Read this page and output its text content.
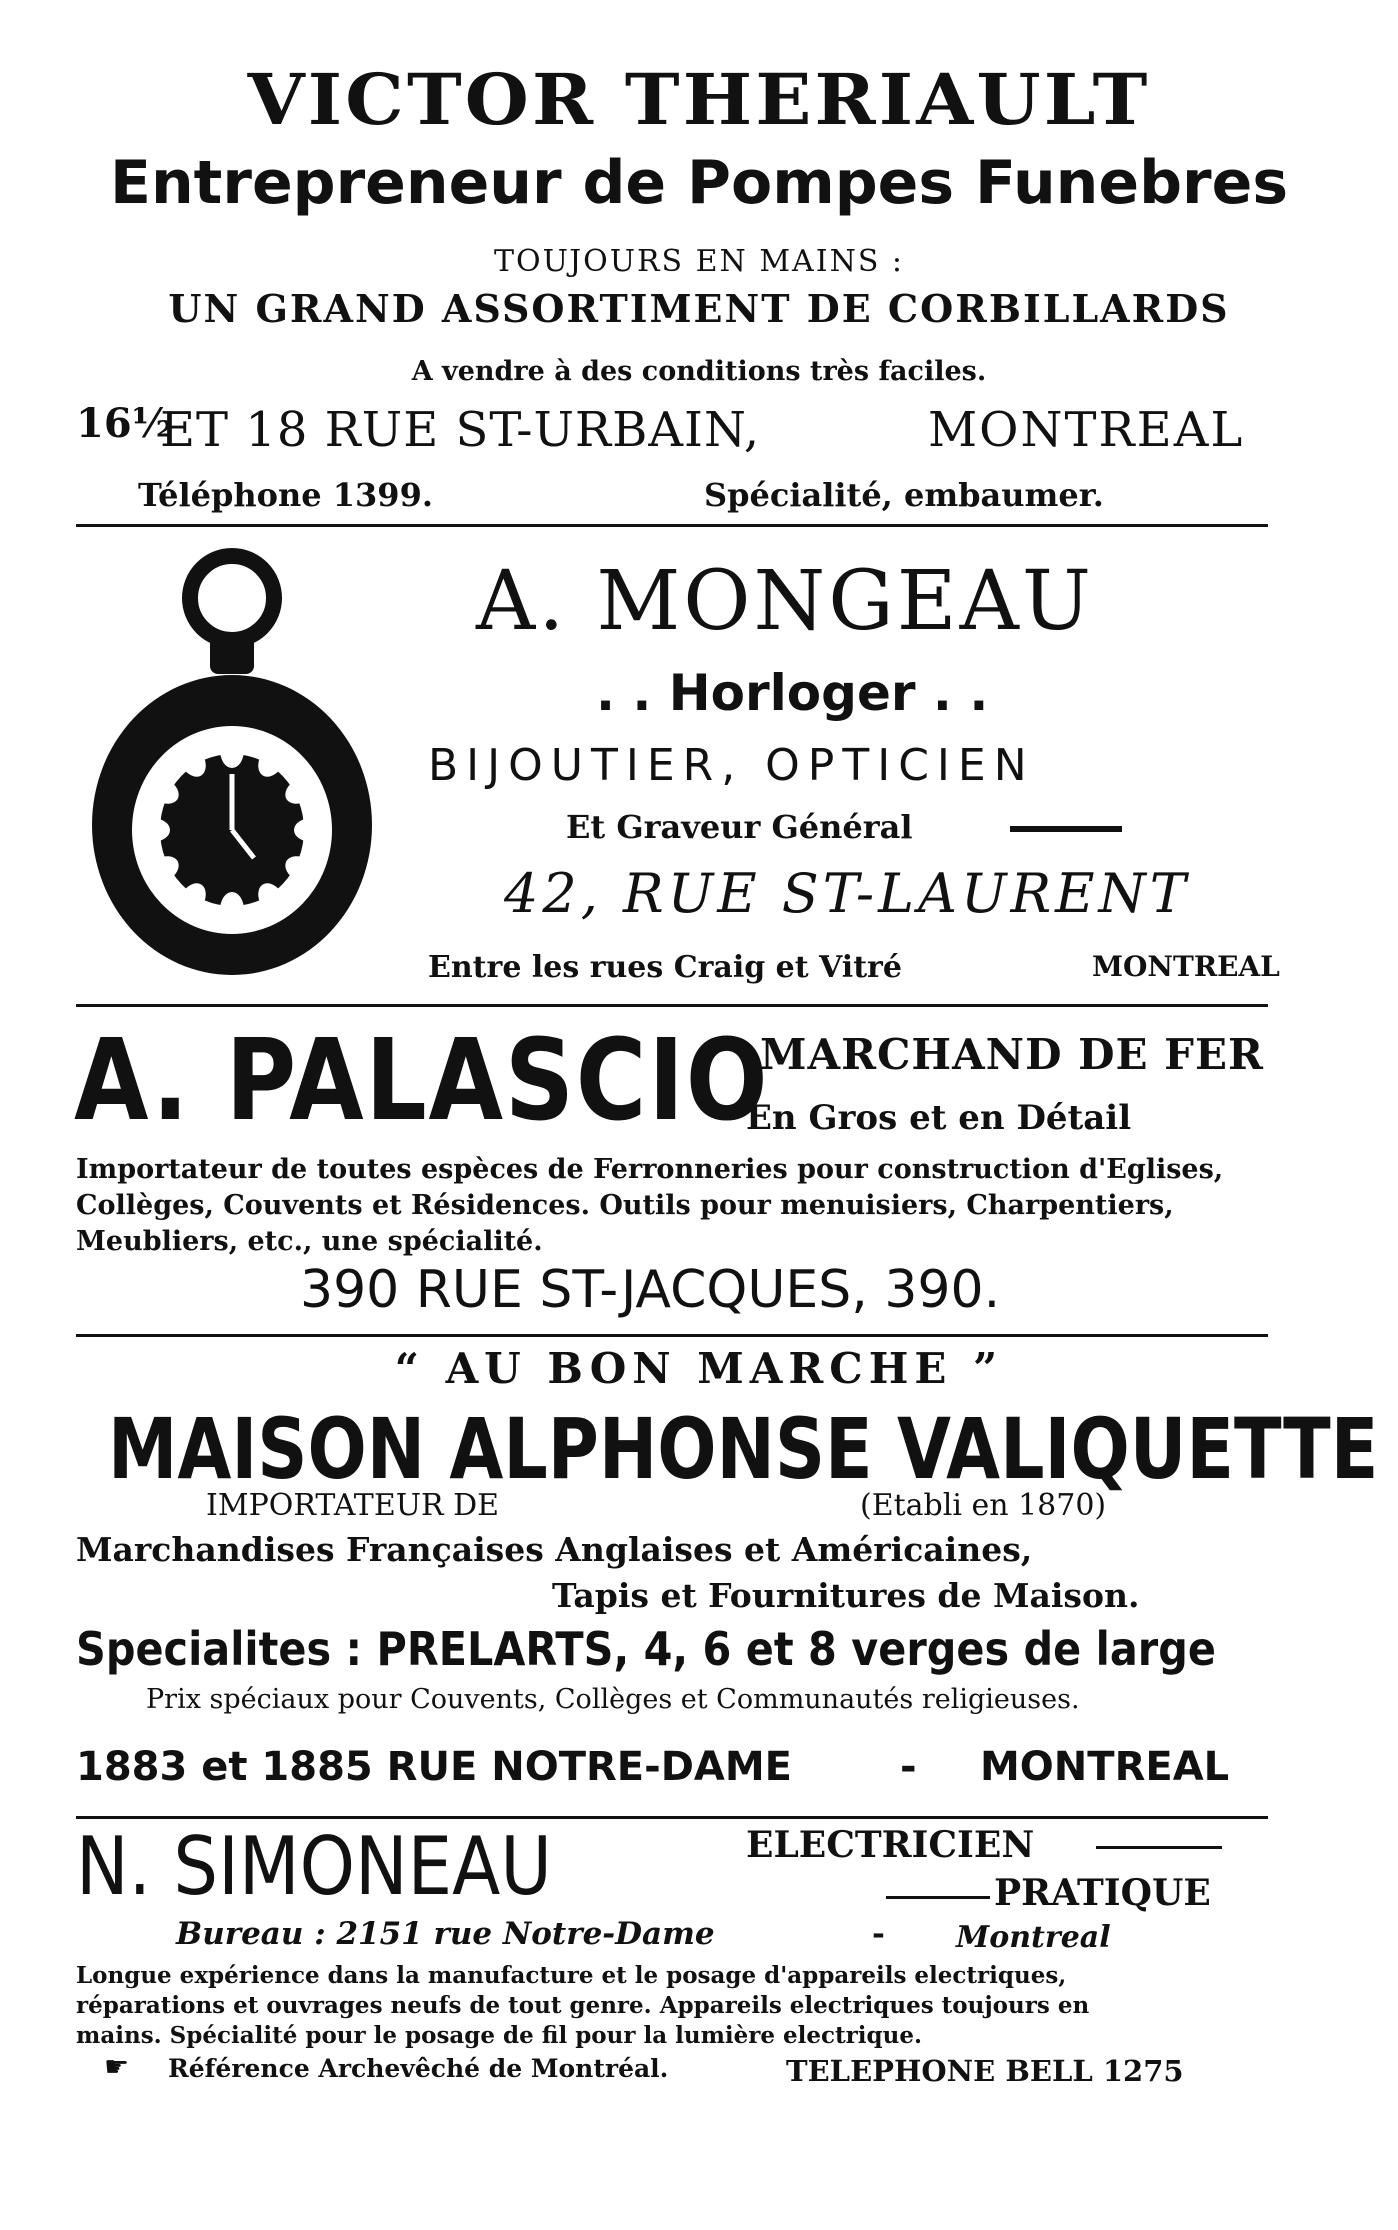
VICTOR THERIAULT
Entrepreneur de Pompes Funebres
TOUJOURS EN MAINS :
UN GRAND ASSORTIMENT DE CORBILLARDS
A vendre à des conditions très faciles.
16½
ET 18 RUE ST-URBAIN,	MONTREAL
Téléphone 1399.	Spécialité, embaumer.
A. MONGEAU
. . Horloger . .
BIJOUTIER, OPTICIEN
Et Graveur Général
42, RUE ST-LAURENT
Entre les rues Craig et Vitré	MONTREAL
A. PALASCIO
MARCHAND DE FER
En Gros et en Détail
Importateur de toutes espèces de Ferronneries pour construction d'Eglises,
Collèges, Couvents et Résidences. Outils pour menuisiers, Charpentiers,
Meubliers, etc., une spécialité.
390 RUE ST-JACQUES, 390.
“ AU BON MARCHE ”
MAISON ALPHONSE VALIQUETTE
IMPORTATEUR DE	(Etabli en 1870)
Marchandises Françaises Anglaises et Américaines,
Tapis et Fournitures de Maison.
Specialites : PRELARTS, 4, 6 et 8 verges de large
Prix spéciaux pour Couvents, Collèges et Communautés religieuses.
1883 et 1885 RUE NOTRE-DAME	- MONTREAL
N. SIMONEAU	ELECTRICIEN
PRATIQUE
Bureau : 2151 rue Notre-Dame	- Montreal
Longue expérience dans la manufacture et le posage d'appareils electriques,
réparations et ouvrages neufs de tout genre. Appareils electriques toujours en
mains. Spécialité pour le posage de fil pour la lumière electrique.
☛ Référence Archevêché de Montréal.	TELEPHONE BELL 1275
